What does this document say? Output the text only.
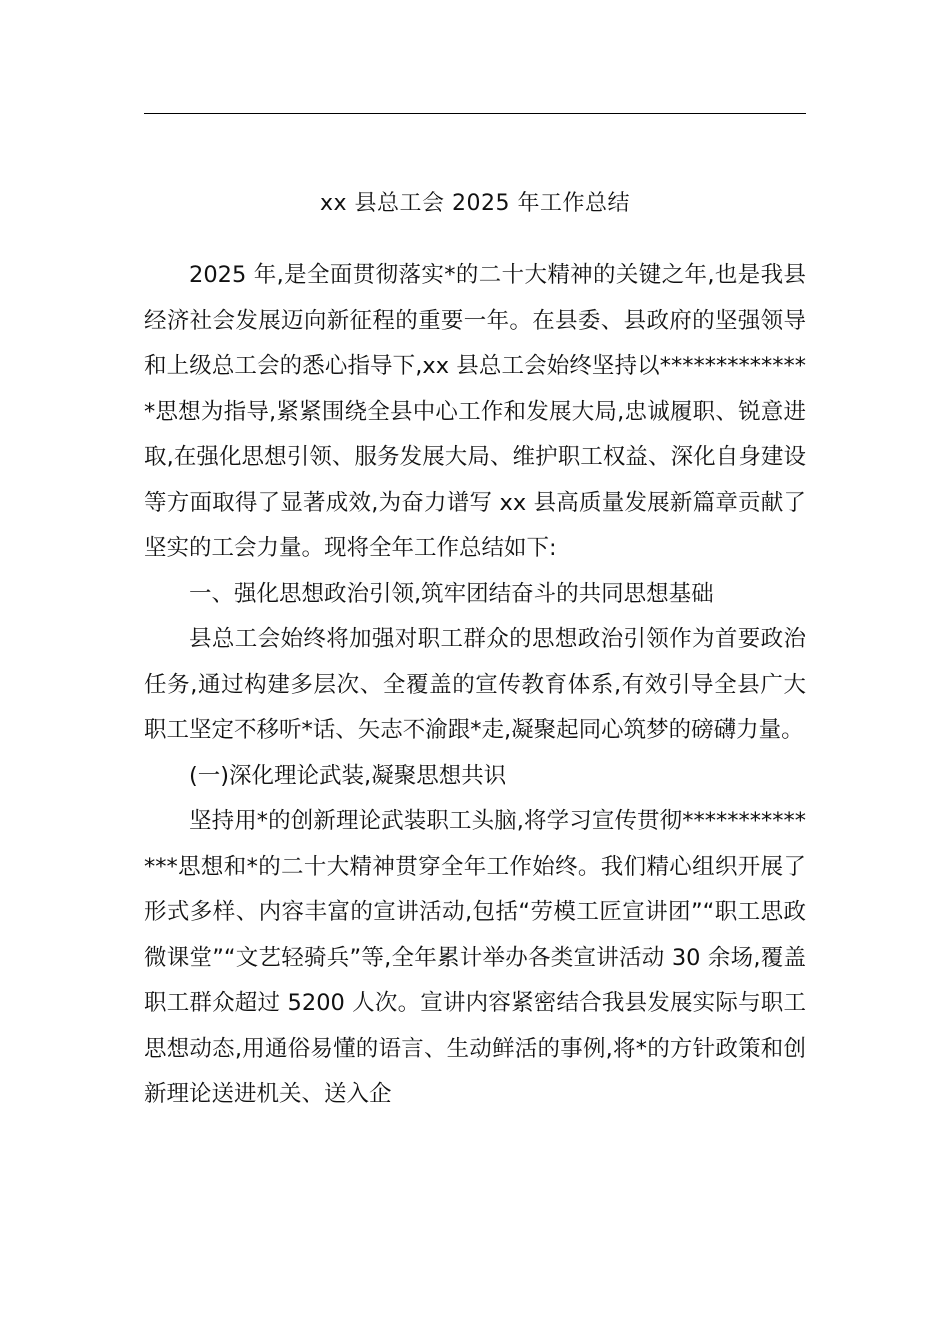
xx 县总工会 2025 年工作总结

2025 年,是全面贯彻落实*的二十大精神的关键之年,也是我县经济社会发展迈向新征程的重要一年。在县委、县政府的坚强领导和上级总工会的悉心指导下,xx 县总工会始终坚持以**************思想为指导,紧紧围绕全县中心工作和发展大局,忠诚履职、锐意进取,在强化思想引领、服务发展大局、维护职工权益、深化自身建设等方面取得了显著成效,为奋力谱写 xx 县高质量发展新篇章贡献了坚实的工会力量。现将全年工作总结如下:

一、强化思想政治引领,筑牢团结奋斗的共同思想基础

县总工会始终将加强对职工群众的思想政治引领作为首要政治任务,通过构建多层次、全覆盖的宣传教育体系,有效引导全县广大职工坚定不移听*话、矢志不渝跟*走,凝聚起同心筑梦的磅礴力量。

(一)深化理论武装,凝聚思想共识

坚持用*的创新理论武装职工头脑,将学习宣传贯彻**************思想和*的二十大精神贯穿全年工作始终。我们精心组织开展了形式多样、内容丰富的宣讲活动,包括“劳模工匠宣讲团”“职工思政微课堂”“文艺轻骑兵”等,全年累计举办各类宣讲活动 30 余场,覆盖职工群众超过 5200 人次。宣讲内容紧密结合我县发展实际与职工思想动态,用通俗易懂的语言、生动鲜活的事例,将*的方针政策和创新理论送进机关、送入企
